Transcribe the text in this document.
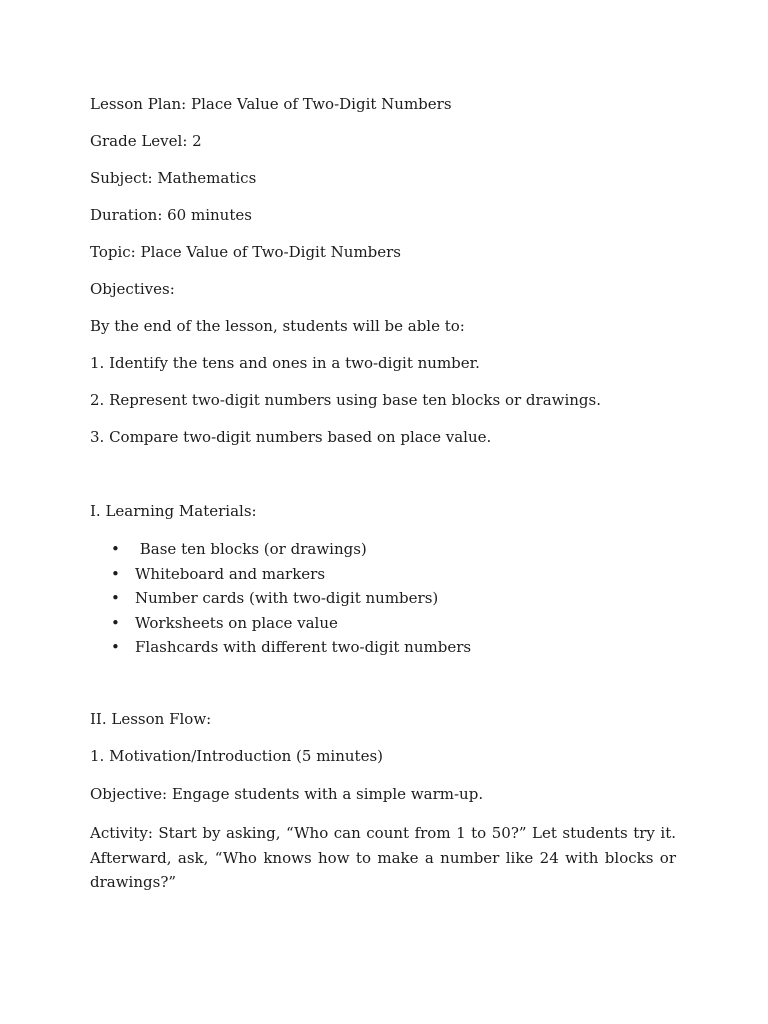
Lesson Plan: Place Value of Two-Digit Numbers
Grade Level: 2
Subject: Mathematics
Duration: 60 minutes
Topic: Place Value of Two-Digit Numbers
Objectives:
By the end of the lesson, students will be able to:
1. Identify the tens and ones in a two-digit number.
2. Represent two-digit numbers using base ten blocks or drawings.
3. Compare two-digit numbers based on place value.
I. Learning Materials:
• Base ten blocks (or drawings)
• Whiteboard and markers
• Number cards (with two-digit numbers)
• Worksheets on place value
• Flashcards with different two-digit numbers
II. Lesson Flow:
1. Motivation/Introduction (5 minutes)
Objective: Engage students with a simple warm-up.
Activity: Start by asking, “Who can count from 1 to 50?” Let students try it. Afterward, ask, “Who knows how to make a number like 24 with blocks or drawings?”
